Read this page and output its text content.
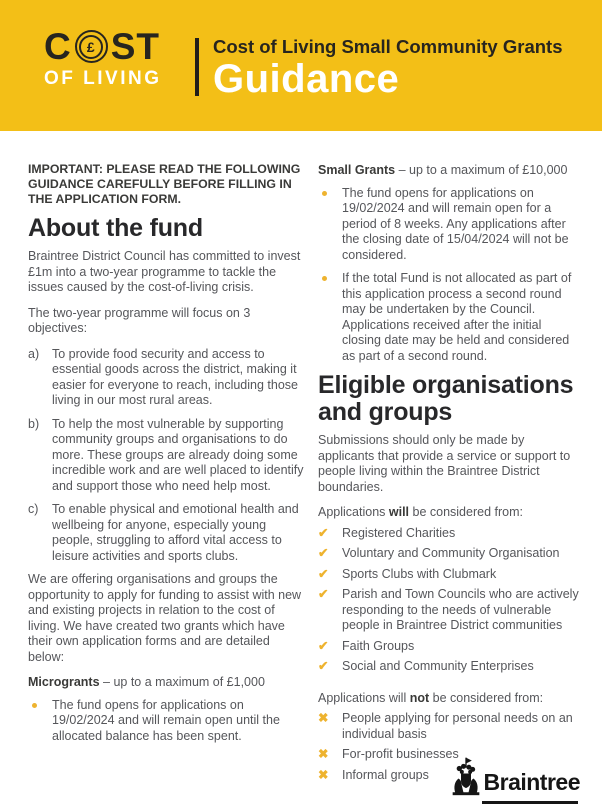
C	£ ST
OF LIVING
Cost of Living Small Community Grants
Guidance
IMPORTANT: PLEASE READ THE FOLLOWING GUIDANCE CAREFULLY BEFORE FILLING IN THE APPLICATION FORM.
About the fund

Braintree District Council has committed to invest £1m into a two-year programme to tackle the issues caused by the cost-of-living crisis.

The two-year programme will focus on 3 objectives:

a)	To provide food security and access to essential goods across the district, making it easier for everyone to reach, including those living in our most rural areas.
b)	To help the most vulnerable by supporting community groups and organisations to do more. These groups are already doing some incredible work and are well placed to identify and support those who need help most.
c)	To enable physical and emotional health and wellbeing for anyone, especially young people, struggling to afford vital access to leisure activities and sports clubs.

We are offering organisations and groups the opportunity to apply for funding to assist with new and existing projects in relation to the cost of living. We have created two grants which have their own application forms and are detailed below:

Microgrants – up to a maximum of £1,000

The fund opens for applications on 19/02/2024 and will remain open until the allocated balance has been spent.

Small Grants – up to a maximum of £10,000

The fund opens for applications on 19/02/2024 and will remain open for a period of 8 weeks. Any applications after the closing date of 15/04/2024 will not be considered.
If the total Fund is not allocated as part of this application process a second round may be undertaken by the Council. Applications received after the initial closing date may be held and considered as part of a second round.
Eligible organisations and groups

Submissions should only be made by applicants that provide a service or support to people living within the Braintree District boundaries.

Applications will be considered from:

✔	Registered Charities
✔	Voluntary and Community Organisation
✔	Sports Clubs with Clubmark
✔	Parish and Town Councils who are actively responding to the needs of vulnerable people in Braintree District communities
✔	Faith Groups
✔	Social and Community Enterprises

Applications will not be considered from:

✖	People applying for personal needs on an individual basis
✖	For-profit businesses
✖	Informal groups	Braintree
